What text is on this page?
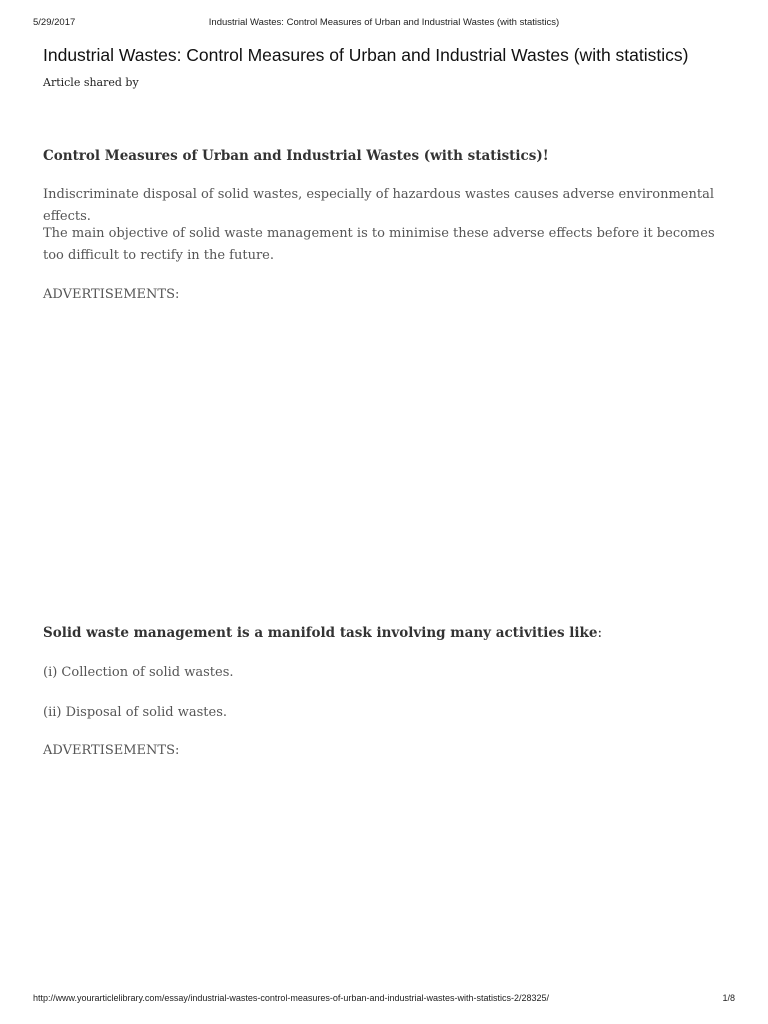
5/29/2017	Industrial Wastes: Control Measures of Urban and Industrial Wastes (with statistics)
Industrial Wastes: Control Measures of Urban and Industrial Wastes (with statistics)
Article shared by

Control Measures of Urban and Industrial Wastes (with statistics)!

Indiscriminate disposal of solid wastes, especially of hazardous wastes causes adverse environmental effects.

The main objective of solid waste management is to minimise these adverse effects before it becomes too difficult to rectify in the future.

ADVERTISEMENTS:

Solid waste management is a manifold task involving many activities like:

(i) Collection of solid wastes.

(ii) Disposal of solid wastes.

ADVERTISEMENTS:

http://www.yourarticlelibrary.com/essay/industrial-wastes-control-measures-of-urban-and-industrial-wastes-with-statistics-2/28325/	1/8
